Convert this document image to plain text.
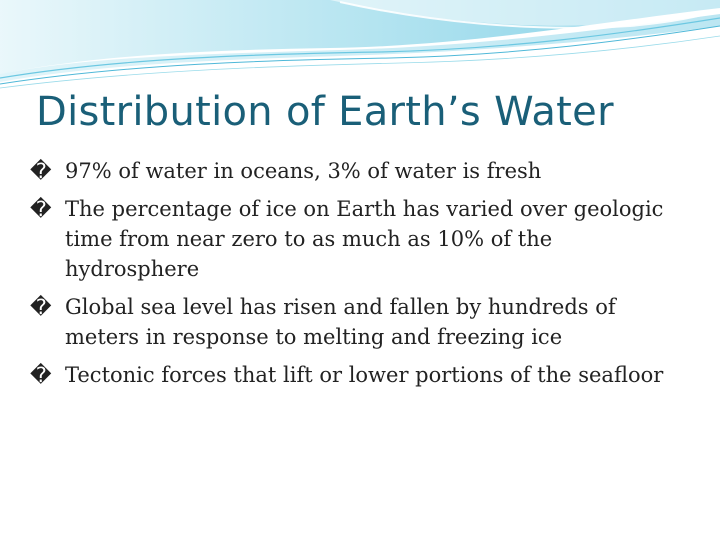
Distribution of Earth’s Water
� 97% of water in oceans, 3% of water is fresh
� The percentage of ice on Earth has varied over geologic time from near zero to as much as 10% of the hydrosphere
� Global sea level has risen and fallen by hundreds of meters in response to melting and freezing ice
� Tectonic forces that lift or lower portions of the seafloor
